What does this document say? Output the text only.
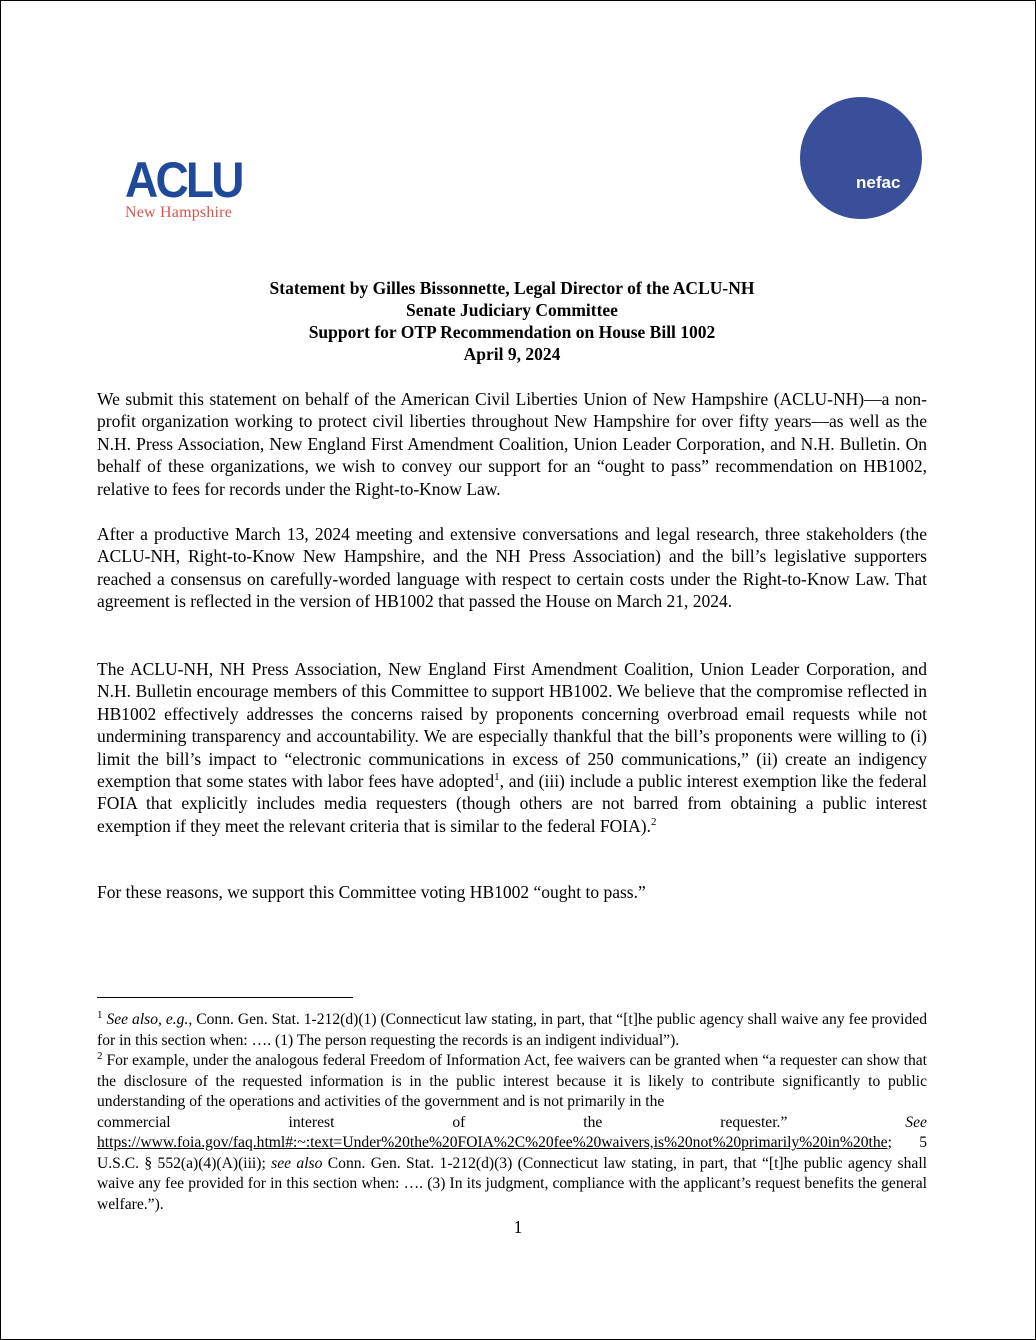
ACLU
New Hampshire
nefac
Statement by Gilles Bissonnette, Legal Director of the ACLU-NH
Senate Judiciary Committee
Support for OTP Recommendation on House Bill 1002
April 9, 2024
We submit this statement on behalf of the American Civil Liberties Union of New Hampshire (ACLU-NH)—a non-profit organization working to protect civil liberties throughout New Hampshire for over fifty years—as well as the N.H. Press Association, New England First Amendment Coalition, Union Leader Corporation, and N.H. Bulletin. On behalf of these organizations, we wish to convey our support for an “ought to pass” recommendation on HB1002, relative to fees for records under the Right-to-Know Law.
After a productive March 13, 2024 meeting and extensive conversations and legal research, three stakeholders (the ACLU-NH, Right-to-Know New Hampshire, and the NH Press Association) and the bill’s legislative supporters reached a consensus on carefully-worded language with respect to certain costs under the Right-to-Know Law. That agreement is reflected in the version of HB1002 that passed the House on March 21, 2024.
The ACLU-NH, NH Press Association, New England First Amendment Coalition, Union Leader Corporation, and N.H. Bulletin encourage members of this Committee to support HB1002. We believe that the compromise reflected in HB1002 effectively addresses the concerns raised by proponents concerning overbroad email requests while not undermining transparency and accountability. We are especially thankful that the bill’s proponents were willing to (i) limit the bill’s impact to “electronic communications in excess of 250 communications,” (ii) create an indigency exemption that some states with labor fees have adopted$^1$, and (iii) include a public interest exemption like the federal FOIA that explicitly includes media requesters (though others are not barred from obtaining a public interest exemption if they meet the relevant criteria that is similar to the federal FOIA).$^2$
For these reasons, we support this Committee voting HB1002 “ought to pass.”

$^1$ See also, e.g., Conn. Gen. Stat. 1-212(d)(1) (Connecticut law stating, in part, that “[t]he public agency shall waive any fee provided for in this section when: …. (1) The person requesting the records is an indigent individual”).

$^2$ For example, under the analogous federal Freedom of Information Act, fee waivers can be granted when “a requester can show that the disclosure of the requested information is in the public interest because it is likely to contribute significantly to public understanding of the operations and activities of the government and is not primarily in the

commercial	interest	of	the	requester.”	See

https://www.foia.gov/faq.html#:~:text=Under%20the%20FOIA%2C%20fee%20waivers,is%20not%20primarily%20in%20the; 5 U.S.C. § 552(a)(4)(A)(iii); see also Conn. Gen. Stat. 1-212(d)(3) (Connecticut law stating, in part, that “[t]he public agency shall waive any fee provided for in this section when: …. (3) In its judgment, compliance with the applicant’s request benefits the general welfare.”).

1
